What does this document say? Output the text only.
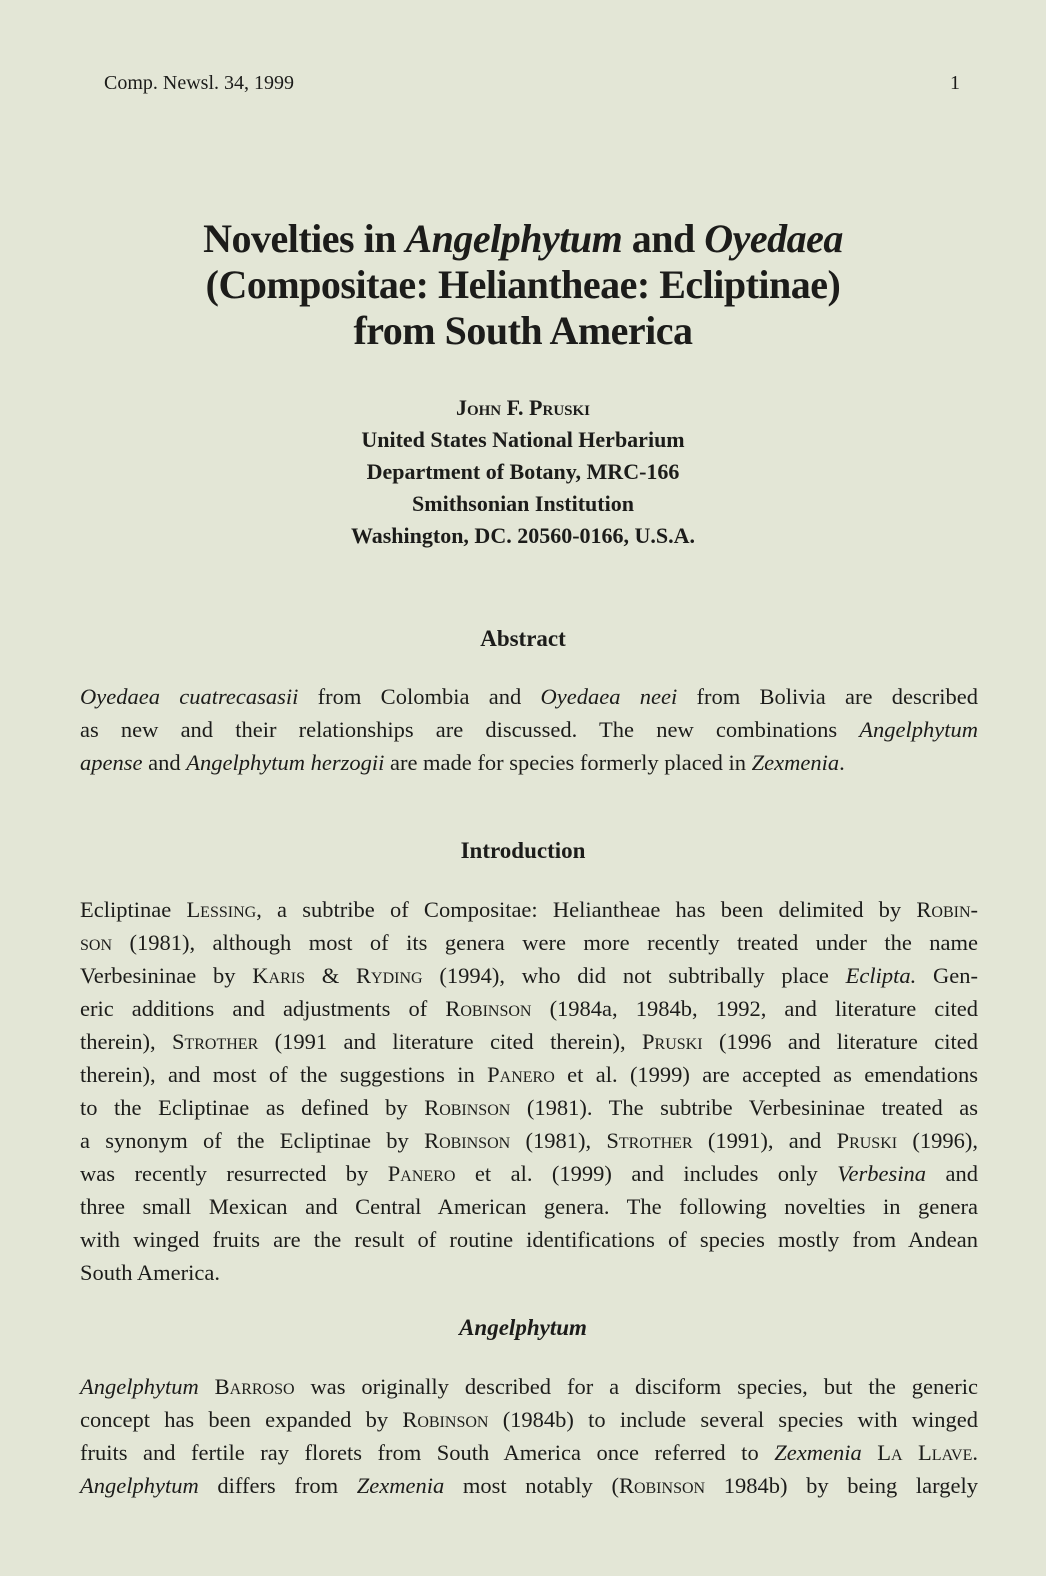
Comp. Newsl. 34, 1999	1
Novelties in Angelphytum and Oyedaea
(Compositae: Heliantheae: Ecliptinae)
from South America
John F. Pruski
United States National Herbarium
Department of Botany, MRC-166
Smithsonian Institution
Washington, DC. 20560-0166, U.S.A.
Abstract
Oyedaea cuatrecasasii from Colombia and Oyedaea neei from Bolivia are described
as new and their relationships are discussed. The new combinations Angelphytum
apense and Angelphytum herzogii are made for species formerly placed in Zexmenia.
Introduction
Ecliptinae Lessing, a subtribe of Compositae: Heliantheae has been delimited by Robin-
son (1981), although most of its genera were more recently treated under the name
Verbesininae by Karis & Ryding (1994), who did not subtribally place Eclipta. Gen-
eric additions and adjustments of Robinson (1984a, 1984b, 1992, and literature cited
therein), Strother (1991 and literature cited therein), Pruski (1996 and literature cited
therein), and most of the suggestions in Panero et al. (1999) are accepted as emendations
to the Ecliptinae as defined by Robinson (1981). The subtribe Verbesininae treated as
a synonym of the Ecliptinae by Robinson (1981), Strother (1991), and Pruski (1996),
was recently resurrected by Panero et al. (1999) and includes only Verbesina and
three small Mexican and Central American genera. The following novelties in genera
with winged fruits are the result of routine identifications of species mostly from Andean
South America.
Angelphytum
Angelphytum Barroso was originally described for a disciform species, but the generic
concept has been expanded by Robinson (1984b) to include several species with winged
fruits and fertile ray florets from South America once referred to Zexmenia La Llave.
Angelphytum differs from Zexmenia most notably (Robinson 1984b) by being largely
